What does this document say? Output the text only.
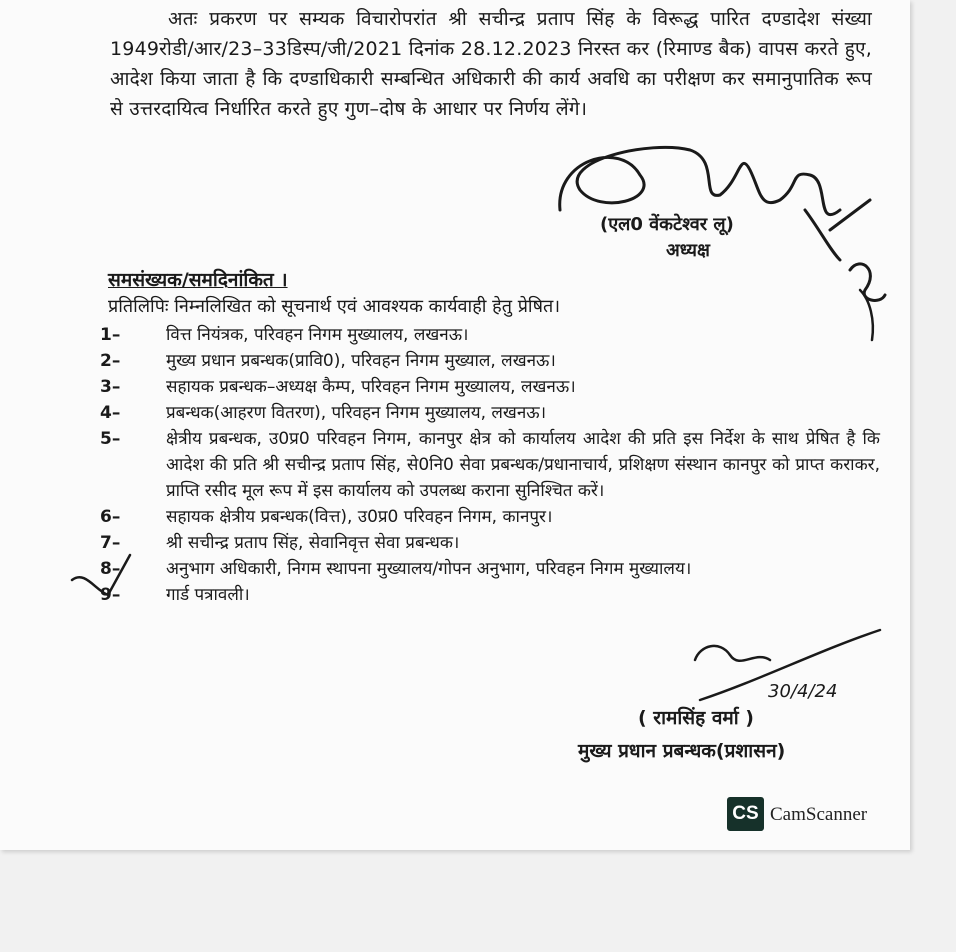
अतः प्रकरण पर सम्यक विचारोपरांत श्री सचीन्द्र प्रताप सिंह के विरूद्ध पारित दण्डादेश संख्या 1949रोडी/आर/23–33डिस्प/जी/2021 दिनांक 28.12.2023 निरस्त कर (रिमाण्ड बैक) वापस करते हुए, आदेश किया जाता है कि दण्डाधिकारी सम्बन्धित अधिकारी की कार्य अवधि का परीक्षण कर समानुपातिक रूप से उत्तरदायित्व निर्धारित करते हुए गुण–दोष के आधार पर निर्णय लेंगे।
30/4/24
(एल0 वेंकटेश्वर लू)
अध्यक्ष
समसंख्यक/समदिनांकित ।
प्रतिलिपिः निम्नलिखित को सूचनार्थ एवं आवश्यक कार्यवाही हेतु प्रेषित।
1–	वित्त नियंत्रक, परिवहन निगम मुख्यालय, लखनऊ।
2–	मुख्य प्रधान प्रबन्धक(प्रावि0), परिवहन निगम मुख्याल, लखनऊ।
3–	सहायक प्रबन्धक–अध्यक्ष कैम्प, परिवहन निगम मुख्यालय, लखनऊ।
4–	प्रबन्धक(आहरण वितरण), परिवहन निगम मुख्यालय, लखनऊ।
5–	क्षेत्रीय प्रबन्धक, उ0प्र0 परिवहन निगम, कानपुर क्षेत्र को कार्यालय आदेश की प्रति इस निर्देश के साथ प्रेषित है कि आदेश की प्रति श्री सचीन्द्र प्रताप सिंह, से0नि0 सेवा प्रबन्धक/प्रधानाचार्य, प्रशिक्षण संस्थान कानपुर को प्राप्त कराकर, प्राप्ति रसीद मूल रूप में इस कार्यालय को उपलब्ध कराना सुनिश्चित करें।
6–	सहायक क्षेत्रीय प्रबन्धक(वित्त), उ0प्र0 परिवहन निगम, कानपुर।
7–	श्री सचीन्द्र प्रताप सिंह, सेवानिवृत्त सेवा प्रबन्धक।
8–	अनुभाग अधिकारी, निगम स्थापना मुख्यालय/गोपन अनुभाग, परिवहन निगम मुख्यालय।
9–	गार्ड पत्रावली।
( रामसिंह वर्मा )
मुख्य प्रधान प्रबन्धक(प्रशासन)
CS CamScanner
